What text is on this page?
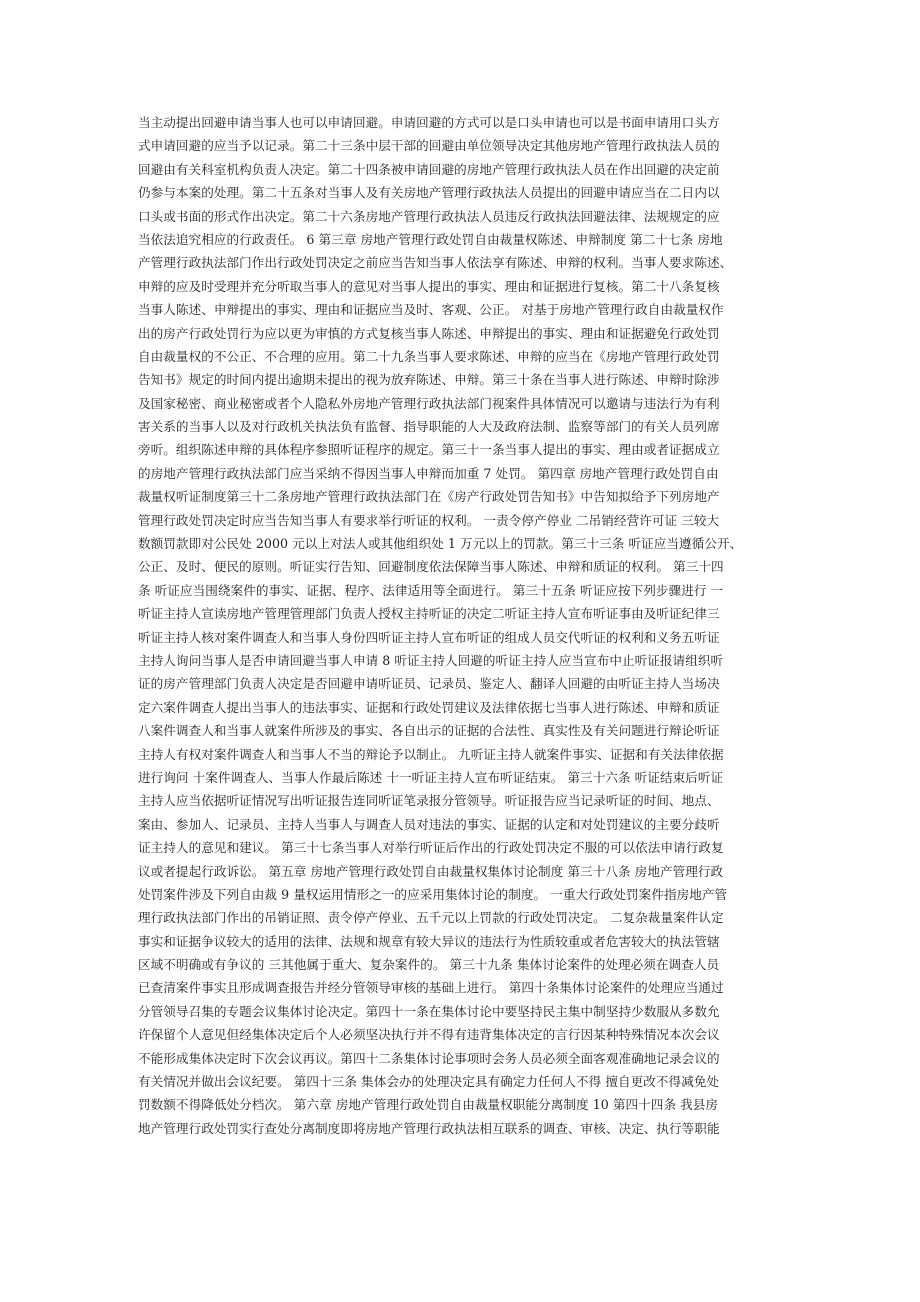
当主动提出回避申请当事人也可以申请回避。申请回避的方式可以是口头申请也可以是书面申请用口头方
式申请回避的应当予以记录。第二十三条中层干部的回避由单位领导决定其他房地产管理行政执法人员的
回避由有关科室机构负责人决定。第二十四条被申请回避的房地产管理行政执法人员在作出回避的决定前
仍参与本案的处理。第二十五条对当事人及有关房地产管理行政执法人员提出的回避申请应当在二日内以
口头或书面的形式作出决定。第二十六条房地产管理行政执法人员违反行政执法回避法律、法规规定的应
当依法追究相应的行政责任。 6 第三章 房地产管理行政处罚自由裁量权陈述、申辩制度 第二十七条 房地
产管理行政执法部门作出行政处罚决定之前应当告知当事人依法享有陈述、申辩的权利。当事人要求陈述、
申辩的应及时受理并充分听取当事人的意见对当事人提出的事实、理由和证据进行复核。第二十八条复核
当事人陈述、申辩提出的事实、理由和证据应当及时、客观、公正。 对基于房地产管理行政自由裁量权作
出的房产行政处罚行为应以更为审慎的方式复核当事人陈述、申辩提出的事实、理由和证据避免行政处罚
自由裁量权的不公正、不合理的应用。第二十九条当事人要求陈述、申辩的应当在《房地产管理行政处罚
告知书》规定的时间内提出逾期未提出的视为放弃陈述、申辩。第三十条在当事人进行陈述、申辩时除涉
及国家秘密、商业秘密或者个人隐私外房地产管理行政执法部门视案件具体情况可以邀请与违法行为有利
害关系的当事人以及对行政机关执法负有监督、指导职能的人大及政府法制、监察等部门的有关人员列席
旁听。组织陈述申辩的具体程序参照听证程序的规定。第三十一条当事人提出的事实、理由或者证据成立
的房地产管理行政执法部门应当采纳不得因当事人申辩而加重 7 处罚。 第四章 房地产管理行政处罚自由
裁量权听证制度第三十二条房地产管理行政执法部门在《房产行政处罚告知书》中告知拟给予下列房地产
管理行政处罚决定时应当告知当事人有要求举行听证的权利。 一责令停产停业 二吊销经营许可证 三较大
数额罚款即对公民处 2000 元以上对法人或其他组织处 1 万元以上的罚款。第三十三条 听证应当遵循公开、
公正、及时、便民的原则。听证实行告知、回避制度依法保障当事人陈述、申辩和质证的权利。 第三十四
条 听证应当围绕案件的事实、证据、程序、法律适用等全面进行。 第三十五条 听证应按下列步骤进行 一
听证主持人宣读房地产管理管理部门负责人授权主持听证的决定二听证主持人宣布听证事由及听证纪律三
听证主持人核对案件调查人和当事人身份四听证主持人宣布听证的组成人员交代听证的权利和义务五听证
主持人询问当事人是否申请回避当事人申请 8 听证主持人回避的听证主持人应当宣布中止听证报请组织听
证的房产管理部门负责人决定是否回避申请听证员、记录员、鉴定人、翻译人回避的由听证主持人当场决
定六案件调查人提出当事人的违法事实、证据和行政处罚建议及法律依据七当事人进行陈述、申辩和质证
八案件调查人和当事人就案件所涉及的事实、各自出示的证据的合法性、真实性及有关问题进行辩论听证
主持人有权对案件调查人和当事人不当的辩论予以制止。 九听证主持人就案件事实、证据和有关法律依据
进行询问 十案件调查人、当事人作最后陈述 十一听证主持人宣布听证结束。 第三十六条 听证结束后听证
主持人应当依据听证情况写出听证报告连同听证笔录报分管领导。听证报告应当记录听证的时间、地点、
案由、参加人、记录员、主持人当事人与调查人员对违法的事实、证据的认定和对处罚建议的主要分歧听
证主持人的意见和建议。 第三十七条当事人对举行听证后作出的行政处罚决定不服的可以依法申请行政复
议或者提起行政诉讼。 第五章 房地产管理行政处罚自由裁量权集体讨论制度 第三十八条 房地产管理行政
处罚案件涉及下列自由裁 9 量权运用情形之一的应采用集体讨论的制度。 一重大行政处罚案件指房地产管
理行政执法部门作出的吊销证照、责令停产停业、五千元以上罚款的行政处罚决定。 二复杂裁量案件认定
事实和证据争议较大的适用的法律、法规和规章有较大异议的违法行为性质较重或者危害较大的执法管辖
区域不明确或有争议的 三其他属于重大、复杂案件的。 第三十九条 集体讨论案件的处理必须在调查人员
已查清案件事实且形成调查报告并经分管领导审核的基础上进行。 第四十条集体讨论案件的处理应当通过
分管领导召集的专题会议集体讨论决定。第四十一条在集体讨论中要坚持民主集中制坚持少数服从多数允
许保留个人意见但经集体决定后个人必须坚决执行并不得有违背集体决定的言行因某种特殊情况本次会议
不能形成集体决定时下次会议再议。第四十二条集体讨论事项时会务人员必须全面客观准确地记录会议的
有关情况并做出会议纪要。 第四十三条 集体会办的处理决定具有确定力任何人不得 擅自更改不得减免处
罚数额不得降低处分档次。 第六章 房地产管理行政处罚自由裁量权职能分离制度 10 第四十四条 我县房
地产管理行政处罚实行查处分离制度即将房地产管理行政执法相互联系的调查、审核、决定、执行等职能
